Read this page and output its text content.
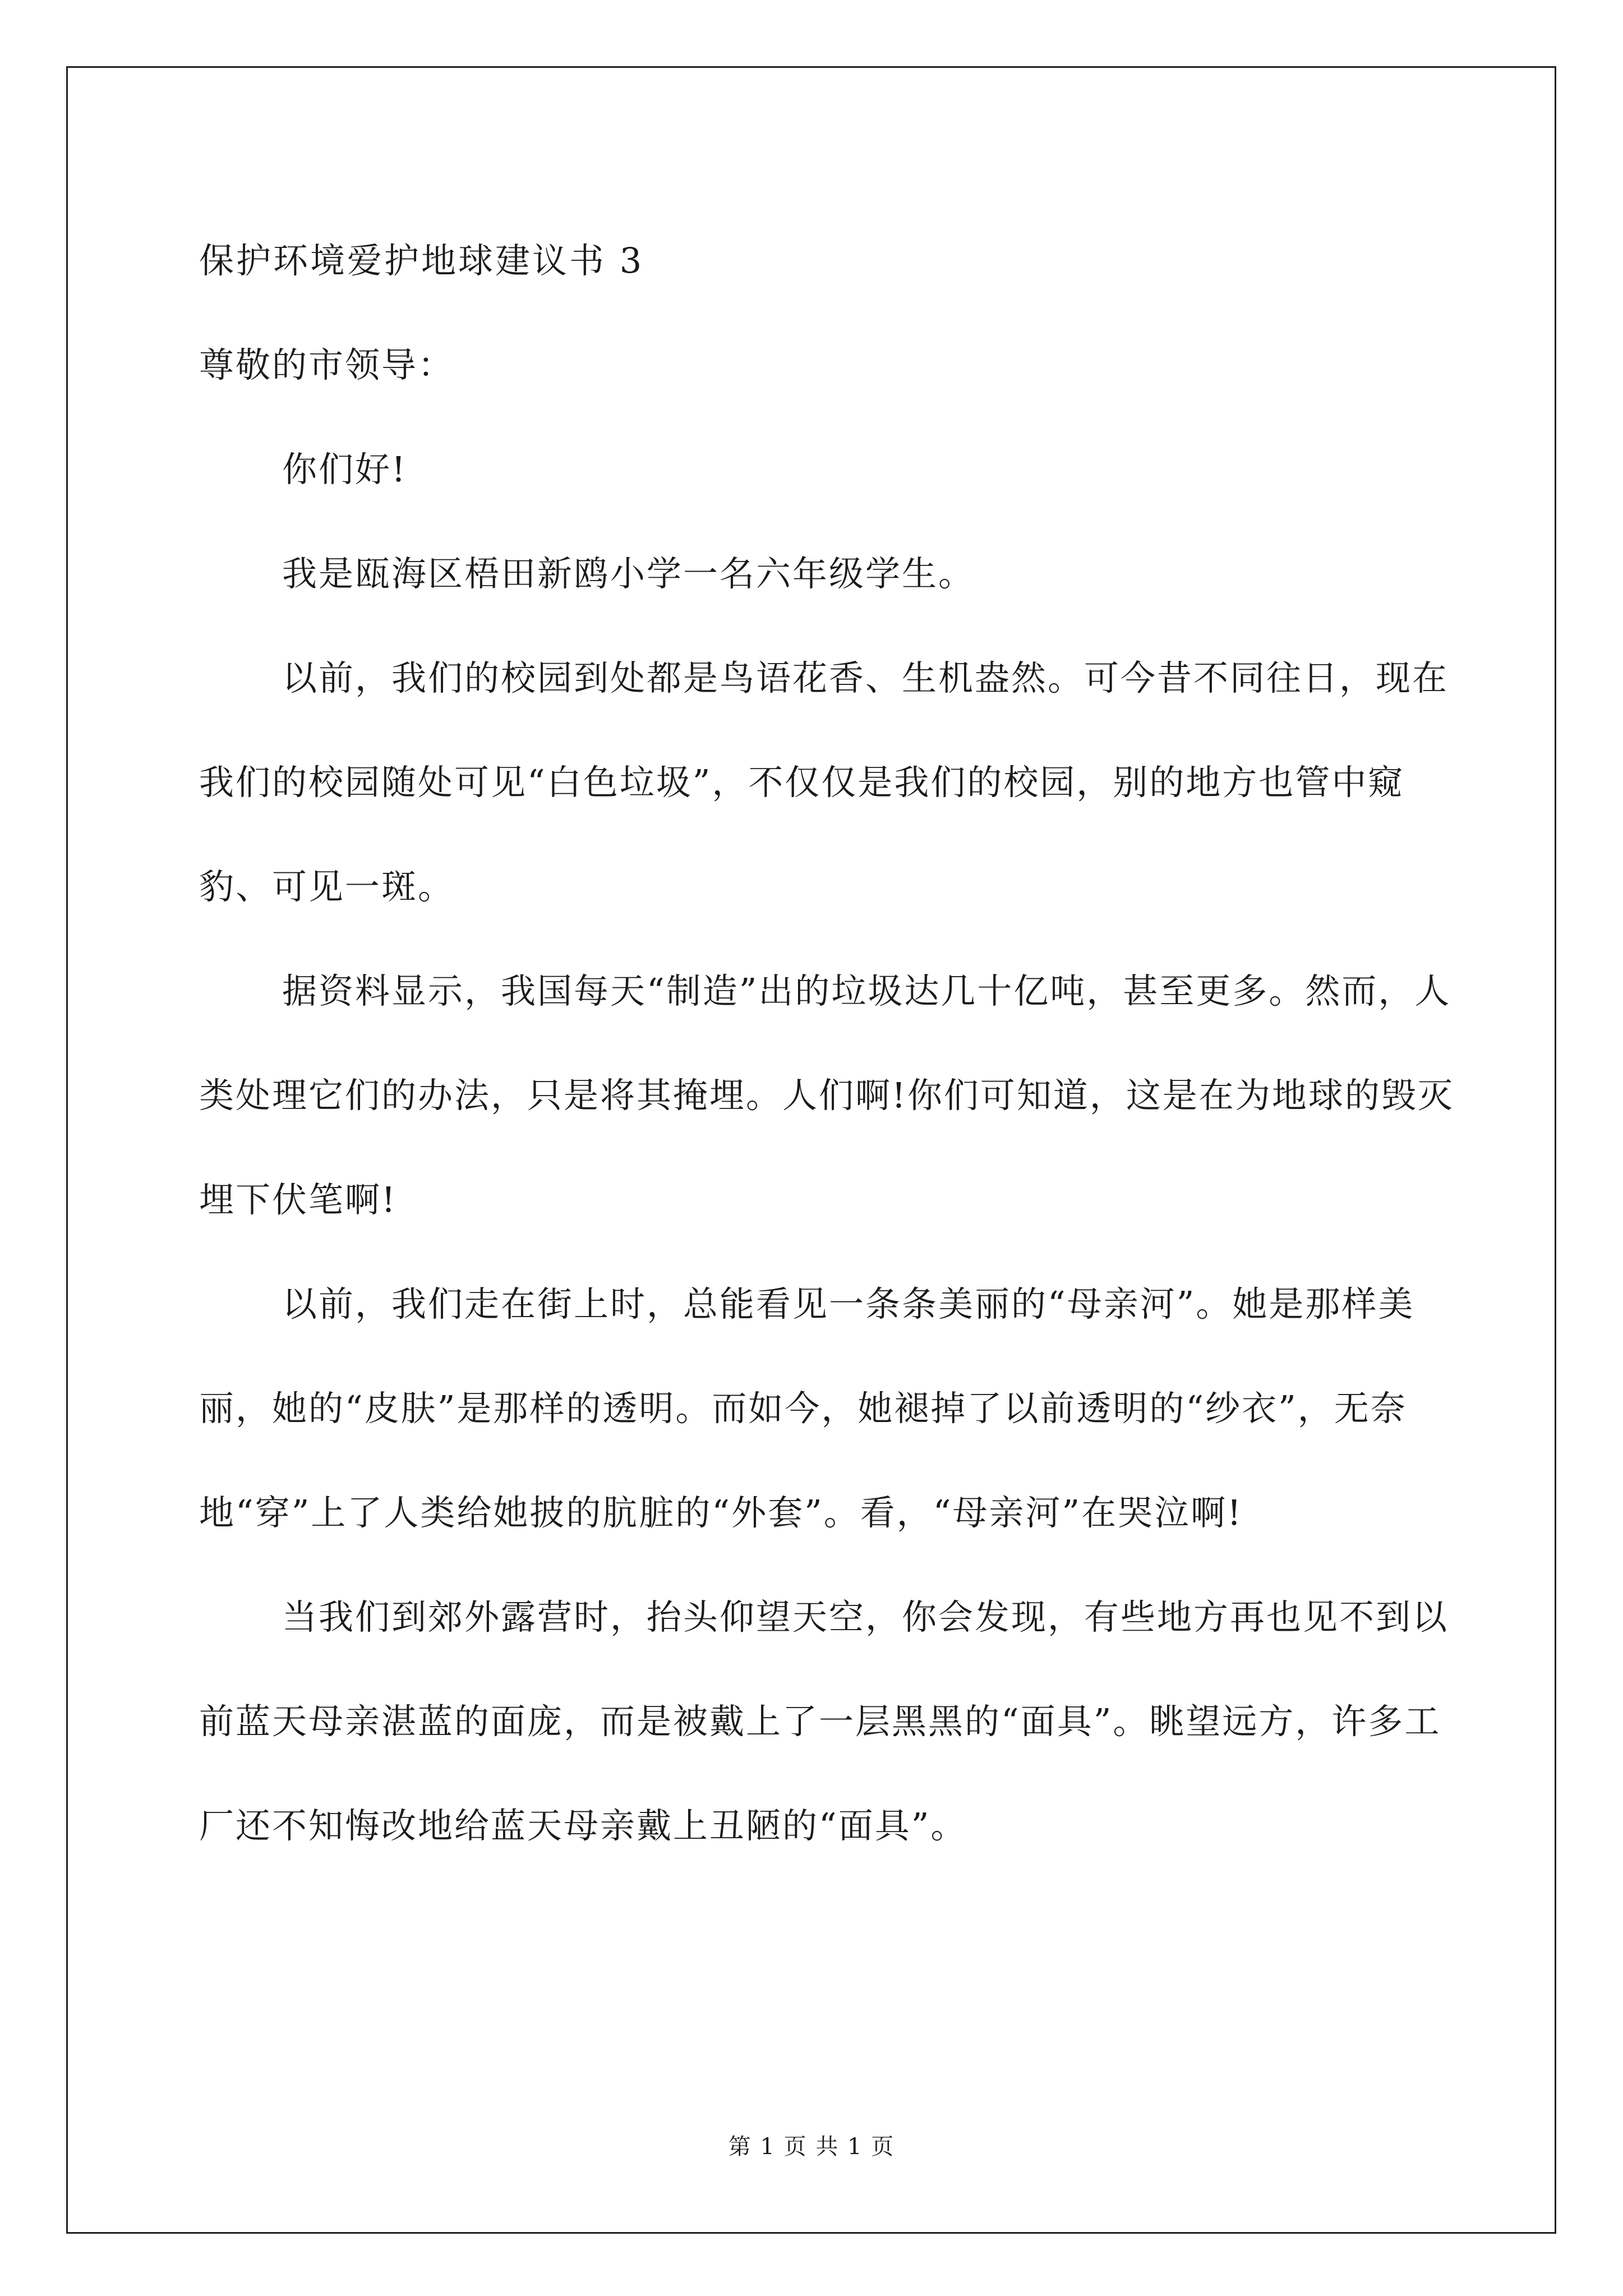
保护环境爱护地球建议书 3

尊敬的市领导：

你们好!

我是瓯海区梧田新鸥小学一名六年级学生。

以前，我们的校园到处都是鸟语花香、生机盎然。可今昔不同往日，现在我们的校园随处可见“白色垃圾”，不仅仅是我们的校园，别的地方也管中窥豹、可见一斑。

据资料显示，我国每天“制造”出的垃圾达几十亿吨，甚至更多。然而，人类处理它们的办法，只是将其掩埋。人们啊!你们可知道，这是在为地球的毁灭埋下伏笔啊!

以前，我们走在街上时，总能看见一条条美丽的“母亲河”。她是那样美丽，她的“皮肤”是那样的透明。而如今，她褪掉了以前透明的“纱衣”，无奈地“穿”上了人类给她披的肮脏的“外套”。看，“母亲河”在哭泣啊!

当我们到郊外露营时，抬头仰望天空，你会发现，有些地方再也见不到以前蓝天母亲湛蓝的面庞，而是被戴上了一层黑黑的“面具”。眺望远方，许多工厂还不知悔改地给蓝天母亲戴上丑陋的“面具”。

第 1 页 共 1 页
